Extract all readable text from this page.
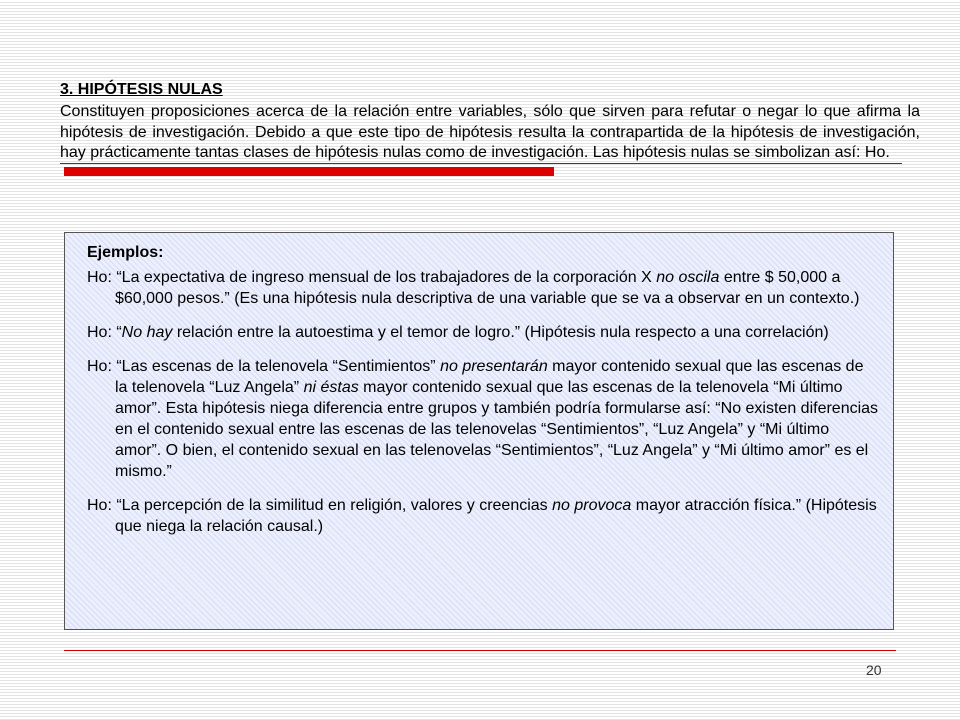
3. HIPÓTESIS NULAS

Constituyen proposiciones acerca de la relación entre variables, sólo que sirven para refutar o negar lo que afirma la hipótesis de investigación. Debido a que este tipo de hipótesis resulta la contrapartida de la hipótesis de investigación, hay prácticamente tantas clases de hipótesis nulas como de investigación. Las hipótesis nulas se simbolizan así: Ho.

Ejemplos:

Ho: “La expectativa de ingreso mensual de los trabajadores de la corporación X no oscila entre $ 50,000 a $60,000 pesos.” (Es una hipótesis nula descriptiva de una variable que se va a observar en un contexto.)

Ho: “No hay relación entre la autoestima y el temor de logro.” (Hipótesis nula respecto a una correlación)

Ho: “Las escenas de la telenovela “Sentimientos” no presentarán mayor contenido sexual que las escenas de la telenovela “Luz Angela” ni éstas mayor contenido sexual que las escenas de la telenovela “Mi último amor”. Esta hipótesis niega diferencia entre grupos y también podría formularse así: “No existen diferencias en el contenido sexual entre las escenas de las telenovelas “Sentimientos”, “Luz Angela” y “Mi último amor”. O bien, el contenido sexual en las telenovelas “Sentimientos”, “Luz Angela” y “Mi último amor” es el mismo.”

Ho: “La percepción de la similitud en religión, valores y creencias no provoca mayor atracción física.” (Hipótesis que niega la relación causal.)

20
